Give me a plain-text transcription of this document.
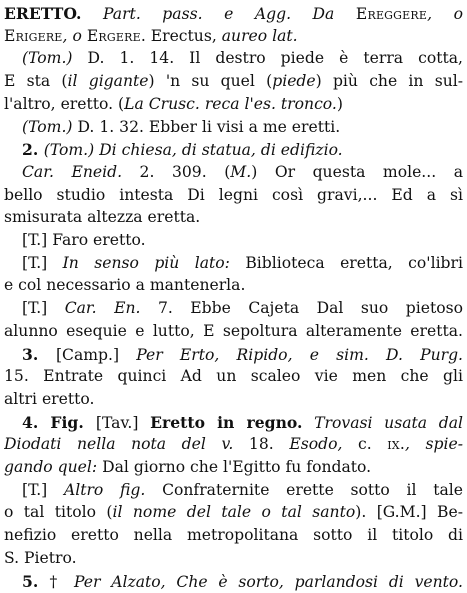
ERETTO. Part. pass. e Agg. Da Ereggere, o
Erigere, o Ergere. Erectus, aureo lat.
(Tom.) D. 1. 14. Il destro piede è terra cotta,
E sta (il gigante) 'n su quel (piede) più che in sul-
l'altro, eretto. (La Crusc. reca l'es. tronco.)
(Tom.) D. 1. 32. Ebber li visi a me eretti.
2. (Tom.) Di chiesa, di statua, di edifizio.
Car. Eneid. 2. 309. (M.) Or questa mole... a
bello studio intesta Di legni così gravi,... Ed a sì
smisurata altezza eretta.
[T.] Faro eretto.
[T.] In senso più lato: Biblioteca eretta, co'libri
e col necessario a mantenerla.
[T.] Car. En. 7. Ebbe Cajeta Dal suo pietoso
alunno esequie e lutto, E sepoltura alteramente eretta.
3. [Camp.] Per Erto, Ripido, e sim. D. Purg.
15. Entrate quinci Ad un scaleo vie men che gli
altri eretto.
4. Fig. [Tav.] Eretto in regno. Trovasi usata dal
Diodati nella nota del v. 18. Esodo, c. ix., spie-
gando quel: Dal giorno che l'Egitto fu fondato.
[T.] Altro fig. Confraternite erette sotto il tale
o tal titolo (il nome del tale o tal santo). [G.M.] Be-
nefizio eretto nella metropolitana sotto il titolo di
S. Pietro.
5. † Per Alzato, Che è sorto, parlandosi di vento.
